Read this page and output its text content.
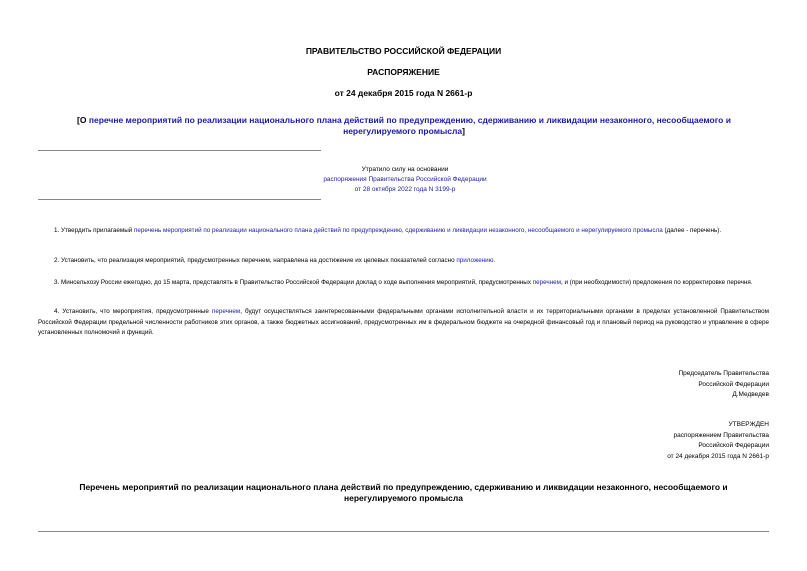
ПРАВИТЕЛЬСТВО РОССИЙСКОЙ ФЕДЕРАЦИИ
РАСПОРЯЖЕНИЕ
от 24 декабря 2015 года N 2661-р
[О перечне мероприятий по реализации национального плана действий по предупреждению, сдерживанию и ликвидации незаконного, несообщаемого и нерегулируемого промысла]
Утратило силу на основании
распоряжения Правительства Российской Федерации
от 28 октября 2022 года N 3199-р
1. Утвердить прилагаемый перечень мероприятий по реализации национального плана действий по предупреждению, сдерживанию и ликвидации незаконного, несообщаемого и нерегулируемого промысла (далее - перечень).
2. Установить, что реализация мероприятий, предусмотренных перечнем, направлена на достижение их целевых показателей согласно приложению.
3. Минсельхозу России ежегодно, до 15 марта, представлять в Правительство Российской Федерации доклад о ходе выполнения мероприятий, предусмотренных перечнем, и (при необходимости) предложения по корректировке перечня.
4. Установить, что мероприятия, предусмотренные перечнем, будут осуществляться заинтересованными федеральными органами исполнительной власти и их территориальными органами в пределах установленной Правительством Российской Федерации предельной численности работников этих органов, а также бюджетных ассигнований, предусмотренных им в федеральном бюджете на очередной финансовый год и плановый период на руководство и управление в сфере установленных полномочий и функций.
Председатель Правительства
Российской Федерации
Д.Медведев
УТВЕРЖДЕН
распоряжением Правительства
Российской Федерации
от 24 декабря 2015 года N 2661-р
Перечень мероприятий по реализации национального плана действий по предупреждению, сдерживанию и ликвидации незаконного, несообщаемого и нерегулируемого промысла
